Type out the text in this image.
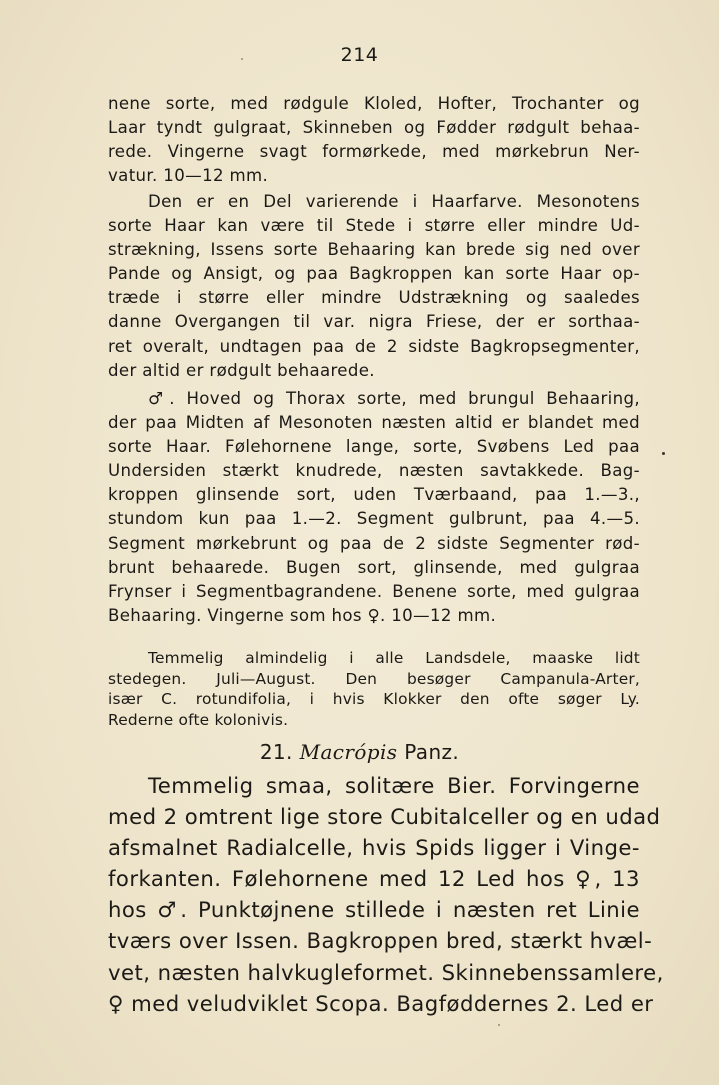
214
nene sorte, med rødgule Kloled, Hofter, Trochanter og
Laar tyndt gulgraat, Skinneben og Fødder rødgult behaa-
rede. Vingerne svagt formørkede, med mørkebrun Ner-
vatur. 10—12 mm.
Den er en Del varierende i Haarfarve. Mesonotens
sorte Haar kan være til Stede i større eller mindre Ud-
strækning, Issens sorte Behaaring kan brede sig ned over
Pande og Ansigt, og paa Bagkroppen kan sorte Haar op-
træde i større eller mindre Udstrækning og saaledes
danne Overgangen til var. nigra Friese, der er sorthaa-
ret overalt, undtagen paa de 2 sidste Bagkropsegmenter,
der altid er rødgult behaarede.
♂. Hoved og Thorax sorte, med brungul Behaaring,
der paa Midten af Mesonoten næsten altid er blandet med
sorte Haar. Følehornene lange, sorte, Svøbens Led paa
Undersiden stærkt knudrede, næsten savtakkede. Bag-
kroppen glinsende sort, uden Tværbaand, paa 1.—3.,
stundom kun paa 1.—2. Segment gulbrunt, paa 4.—5.
Segment mørkebrunt og paa de 2 sidste Segmenter rød-
brunt behaarede. Bugen sort, glinsende, med gulgraa
Frynser i Segmentbagrandene. Benene sorte, med gulgraa
Behaaring. Vingerne som hos ♀. 10—12 mm.
Temmelig almindelig i alle Landsdele, maaske lidt
stedegen. Juli—August. Den besøger Campanula-Arter,
især C. rotundifolia, i hvis Klokker den ofte søger Ly.
Rederne ofte kolonivis.
21. Macrópis Panz.
Temmelig smaa, solitære Bier. Forvingerne
med 2 omtrent lige store Cubitalceller og en udad
afsmalnet Radialcelle, hvis Spids ligger i Vinge-
forkanten. Følehornene med 12 Led hos ♀, 13
hos ♂. Punktøjnene stillede i næsten ret Linie
tværs over Issen. Bagkroppen bred, stærkt hvæl-
vet, næsten halvkugleformet. Skinnebenssamlere,
♀ med veludviklet Scopa. Bagføddernes 2. Led er
